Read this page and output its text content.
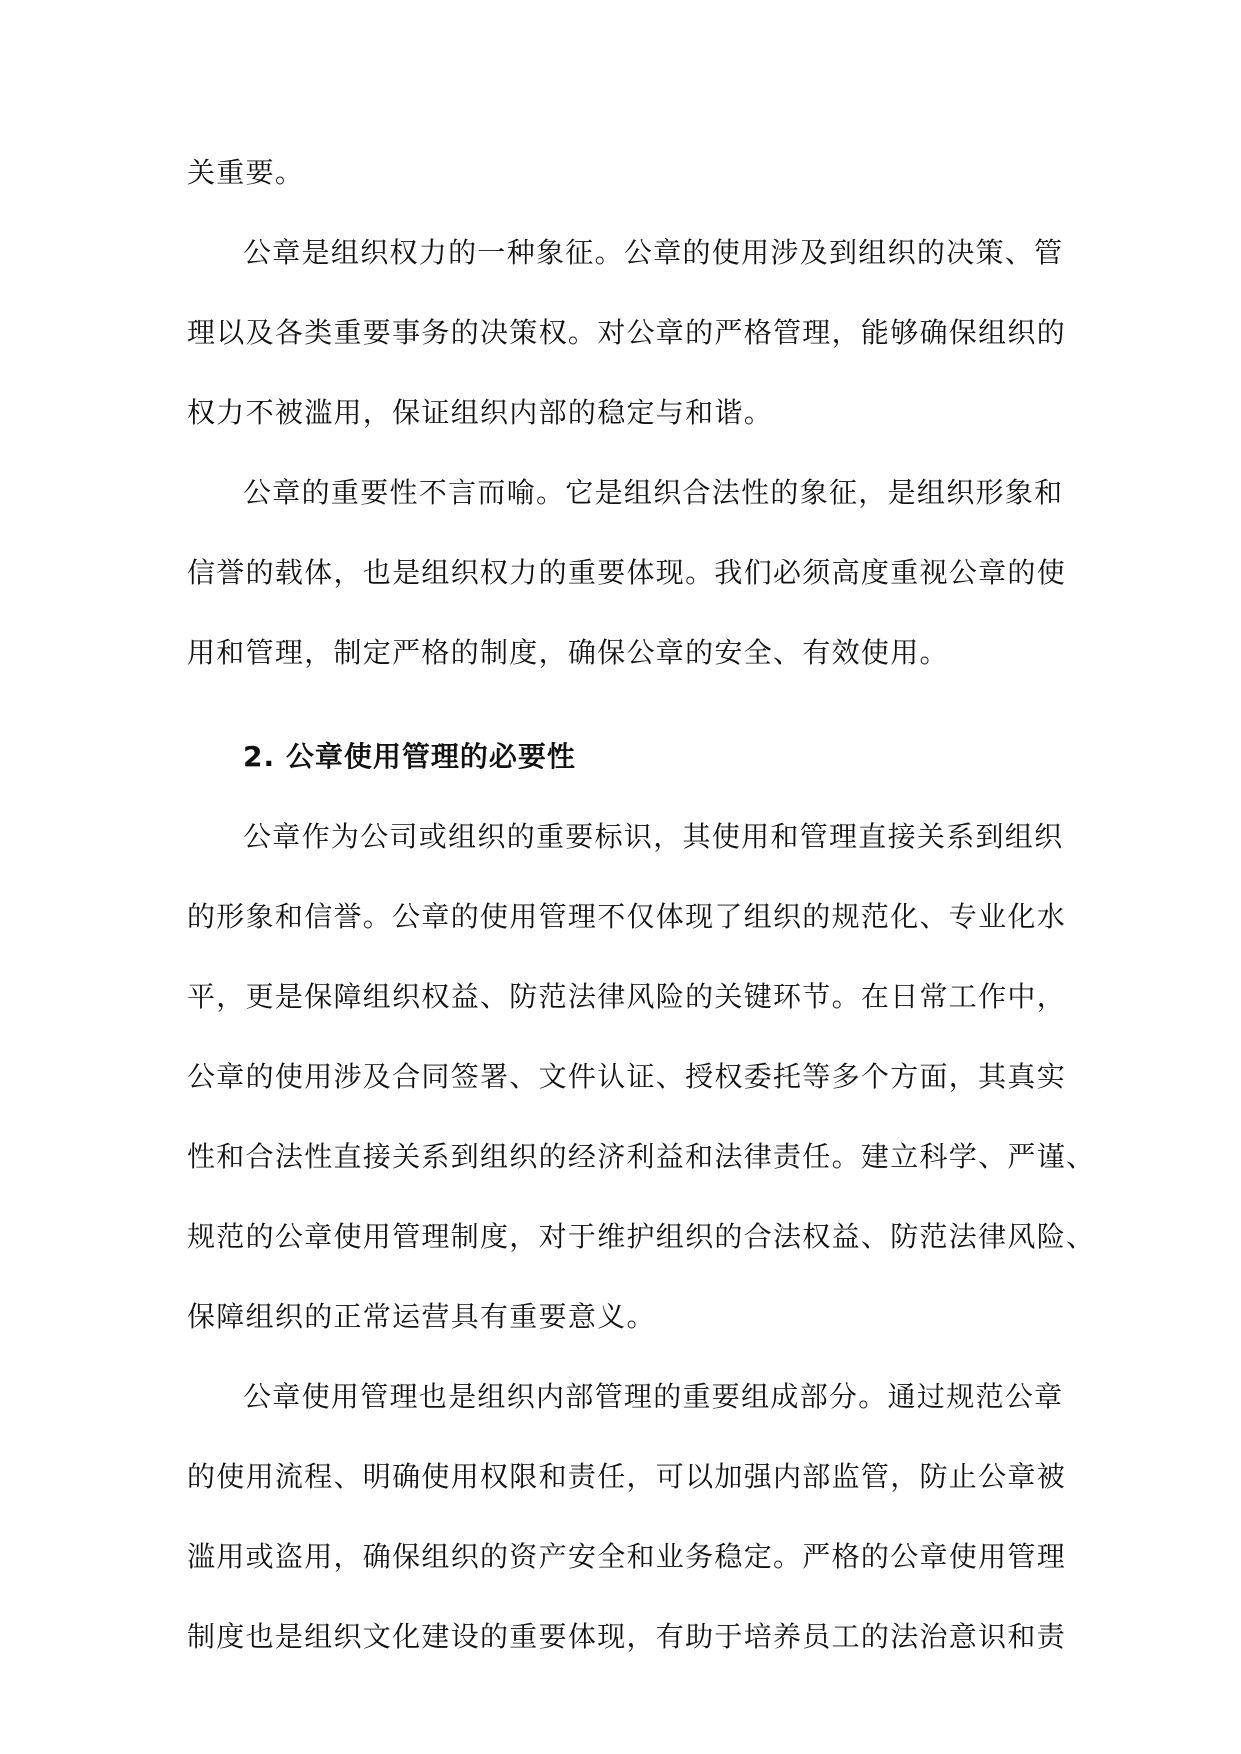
关重要。
公章是组织权力的一种象征。公章的使用涉及到组织的决策、管
理以及各类重要事务的决策权。对公章的严格管理，能够确保组织的
权力不被滥用，保证组织内部的稳定与和谐。
公章的重要性不言而喻。它是组织合法性的象征，是组织形象和
信誉的载体，也是组织权力的重要体现。我们必须高度重视公章的使
用和管理，制定严格的制度，确保公章的安全、有效使用。
2. 公章使用管理的必要性
公章作为公司或组织的重要标识，其使用和管理直接关系到组织
的形象和信誉。公章的使用管理不仅体现了组织的规范化、专业化水
平，更是保障组织权益、防范法律风险的关键环节。在日常工作中，
公章的使用涉及合同签署、文件认证、授权委托等多个方面，其真实
性和合法性直接关系到组织的经济利益和法律责任。建立科学、严谨、
规范的公章使用管理制度，对于维护组织的合法权益、防范法律风险、
保障组织的正常运营具有重要意义。
公章使用管理也是组织内部管理的重要组成部分。通过规范公章
的使用流程、明确使用权限和责任，可以加强内部监管，防止公章被
滥用或盗用，确保组织的资产安全和业务稳定。严格的公章使用管理
制度也是组织文化建设的重要体现，有助于培养员工的法治意识和责
